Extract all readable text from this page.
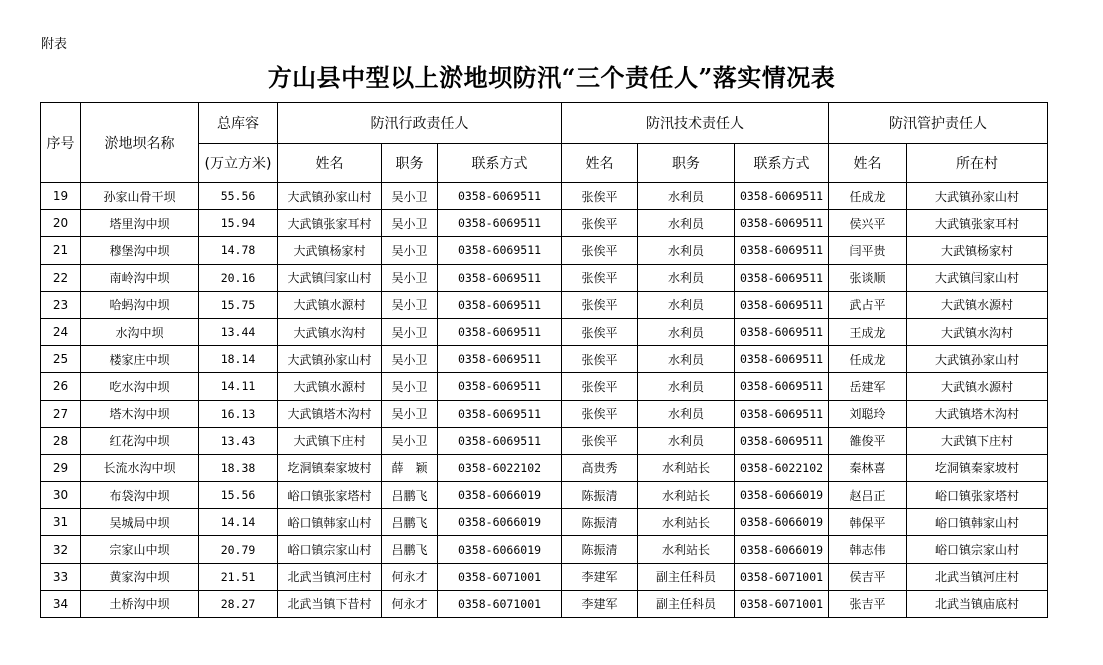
附表
方山县中型以上淤地坝防汛“三个责任人”落实情况表
序号	淤地坝名称	总库容	防汛行政责任人			防汛技术责任人			防汛管护责任人	
		(万立方米)	姓名	职务	联系方式	姓名	职务	联系方式	姓名	所在村
19	孙家山骨干坝	55.56	大武镇孙家山村	吴小卫	0358-6069511	张俟平	水利员	0358-6069511	任成龙	大武镇孙家山村
20	塔里沟中坝	15.94	大武镇张家耳村	吴小卫	0358-6069511	张俟平	水利员	0358-6069511	侯兴平	大武镇张家耳村
21	穆堡沟中坝	14.78	大武镇杨家村	吴小卫	0358-6069511	张俟平	水利员	0358-6069511	闫平贵	大武镇杨家村
22	南岭沟中坝	20.16	大武镇闫家山村	吴小卫	0358-6069511	张俟平	水利员	0358-6069511	张谈顺	大武镇闫家山村
23	哈蚂沟中坝	15.75	大武镇水源村	吴小卫	0358-6069511	张俟平	水利员	0358-6069511	武占平	大武镇水源村
24	水沟中坝	13.44	大武镇水沟村	吴小卫	0358-6069511	张俟平	水利员	0358-6069511	王成龙	大武镇水沟村
25	楼家庄中坝	18.14	大武镇孙家山村	吴小卫	0358-6069511	张俟平	水利员	0358-6069511	任成龙	大武镇孙家山村
26	吃水沟中坝	14.11	大武镇水源村	吴小卫	0358-6069511	张俟平	水利员	0358-6069511	岳建军	大武镇水源村
27	塔木沟中坝	16.13	大武镇塔木沟村	吴小卫	0358-6069511	张俟平	水利员	0358-6069511	刘聪玲	大武镇塔木沟村
28	红花沟中坝	13.43	大武镇下庄村	吴小卫	0358-6069511	张俟平	水利员	0358-6069511	雒俊平	大武镇下庄村
29	长流水沟中坝	18.38	圪洞镇秦家坡村	薛　颖	0358-6022102	高贵秀	水利站长	0358-6022102	秦林喜	圪洞镇秦家坡村
30	布袋沟中坝	15.56	峪口镇张家塔村	吕鹏飞	0358-6066019	陈振清	水利站长	0358-6066019	赵吕正	峪口镇张家塔村
31	吴城局中坝	14.14	峪口镇韩家山村	吕鹏飞	0358-6066019	陈振清	水利站长	0358-6066019	韩保平	峪口镇韩家山村
32	宗家山中坝	20.79	峪口镇宗家山村	吕鹏飞	0358-6066019	陈振清	水利站长	0358-6066019	韩志伟	峪口镇宗家山村
33	黄家沟中坝	21.51	北武当镇河庄村	何永才	0358-6071001	李建军	副主任科员	0358-6071001	侯吉平	北武当镇河庄村
34	土桥沟中坝	28.27	北武当镇下昔村	何永才	0358-6071001	李建军	副主任科员	0358-6071001	张吉平	北武当镇庙底村
